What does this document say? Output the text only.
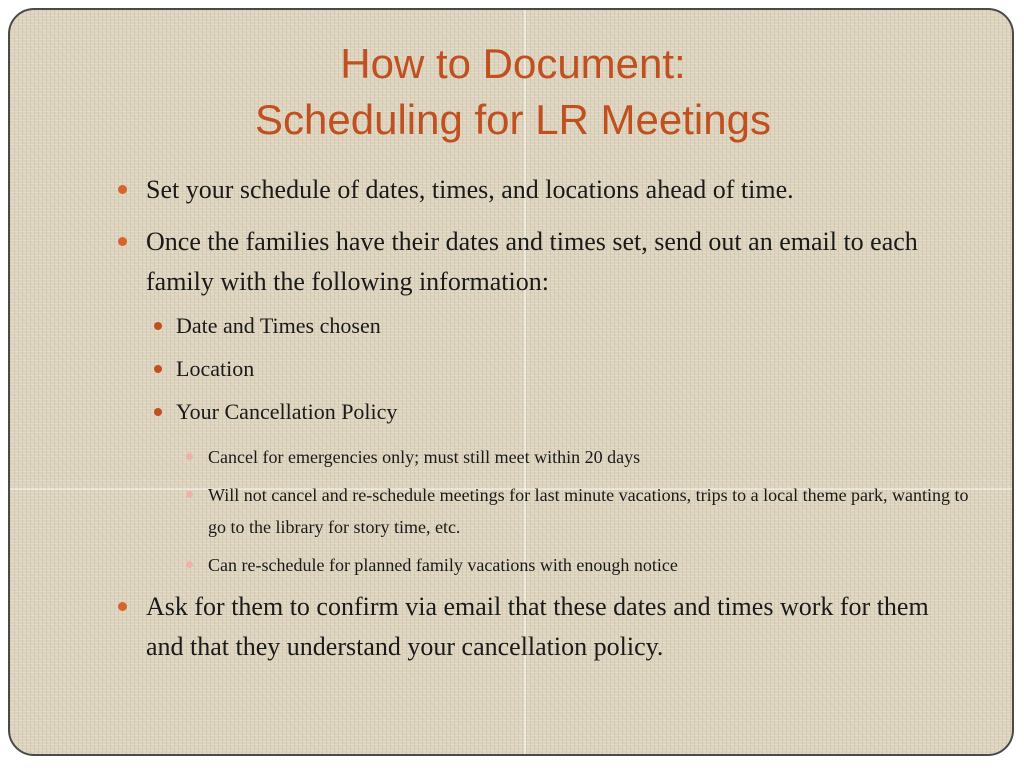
How to Document:
Scheduling for LR Meetings
Set your schedule of dates, times, and locations ahead of time.
Once the families have their dates and times set, send out an email to each family with the following information:
Date and Times chosen
Location
Your Cancellation Policy
Cancel for emergencies only; must still meet within 20 days
Will not cancel and re-schedule meetings for last minute vacations, trips to a local theme park, wanting to go to the library for story time, etc.
Can re-schedule for planned family vacations with enough notice
Ask for them to confirm via email that these dates and times work for them and that they understand your cancellation policy.
